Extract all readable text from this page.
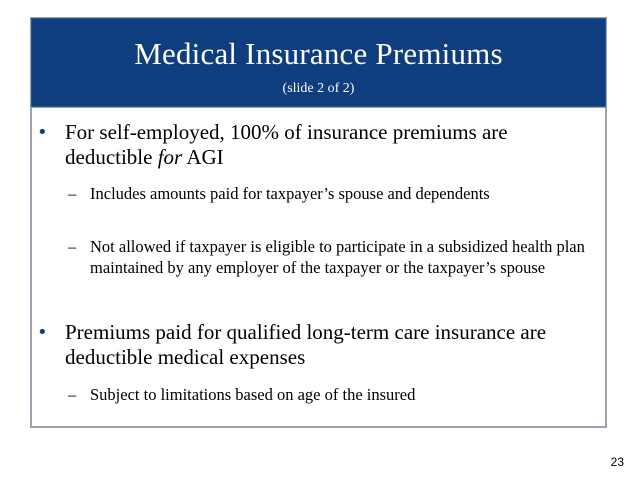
Medical Insurance Premiums
(slide 2 of 2)
• For self-employed, 100% of insurance premiums are deductible for AGI
– Includes amounts paid for taxpayer’s spouse and dependents
– Not allowed if taxpayer is eligible to participate in a subsidized health plan maintained by any employer of the taxpayer or the taxpayer’s spouse
• Premiums paid for qualified long-term care insurance are deductible medical expenses
– Subject to limitations based on age of the insured
23
